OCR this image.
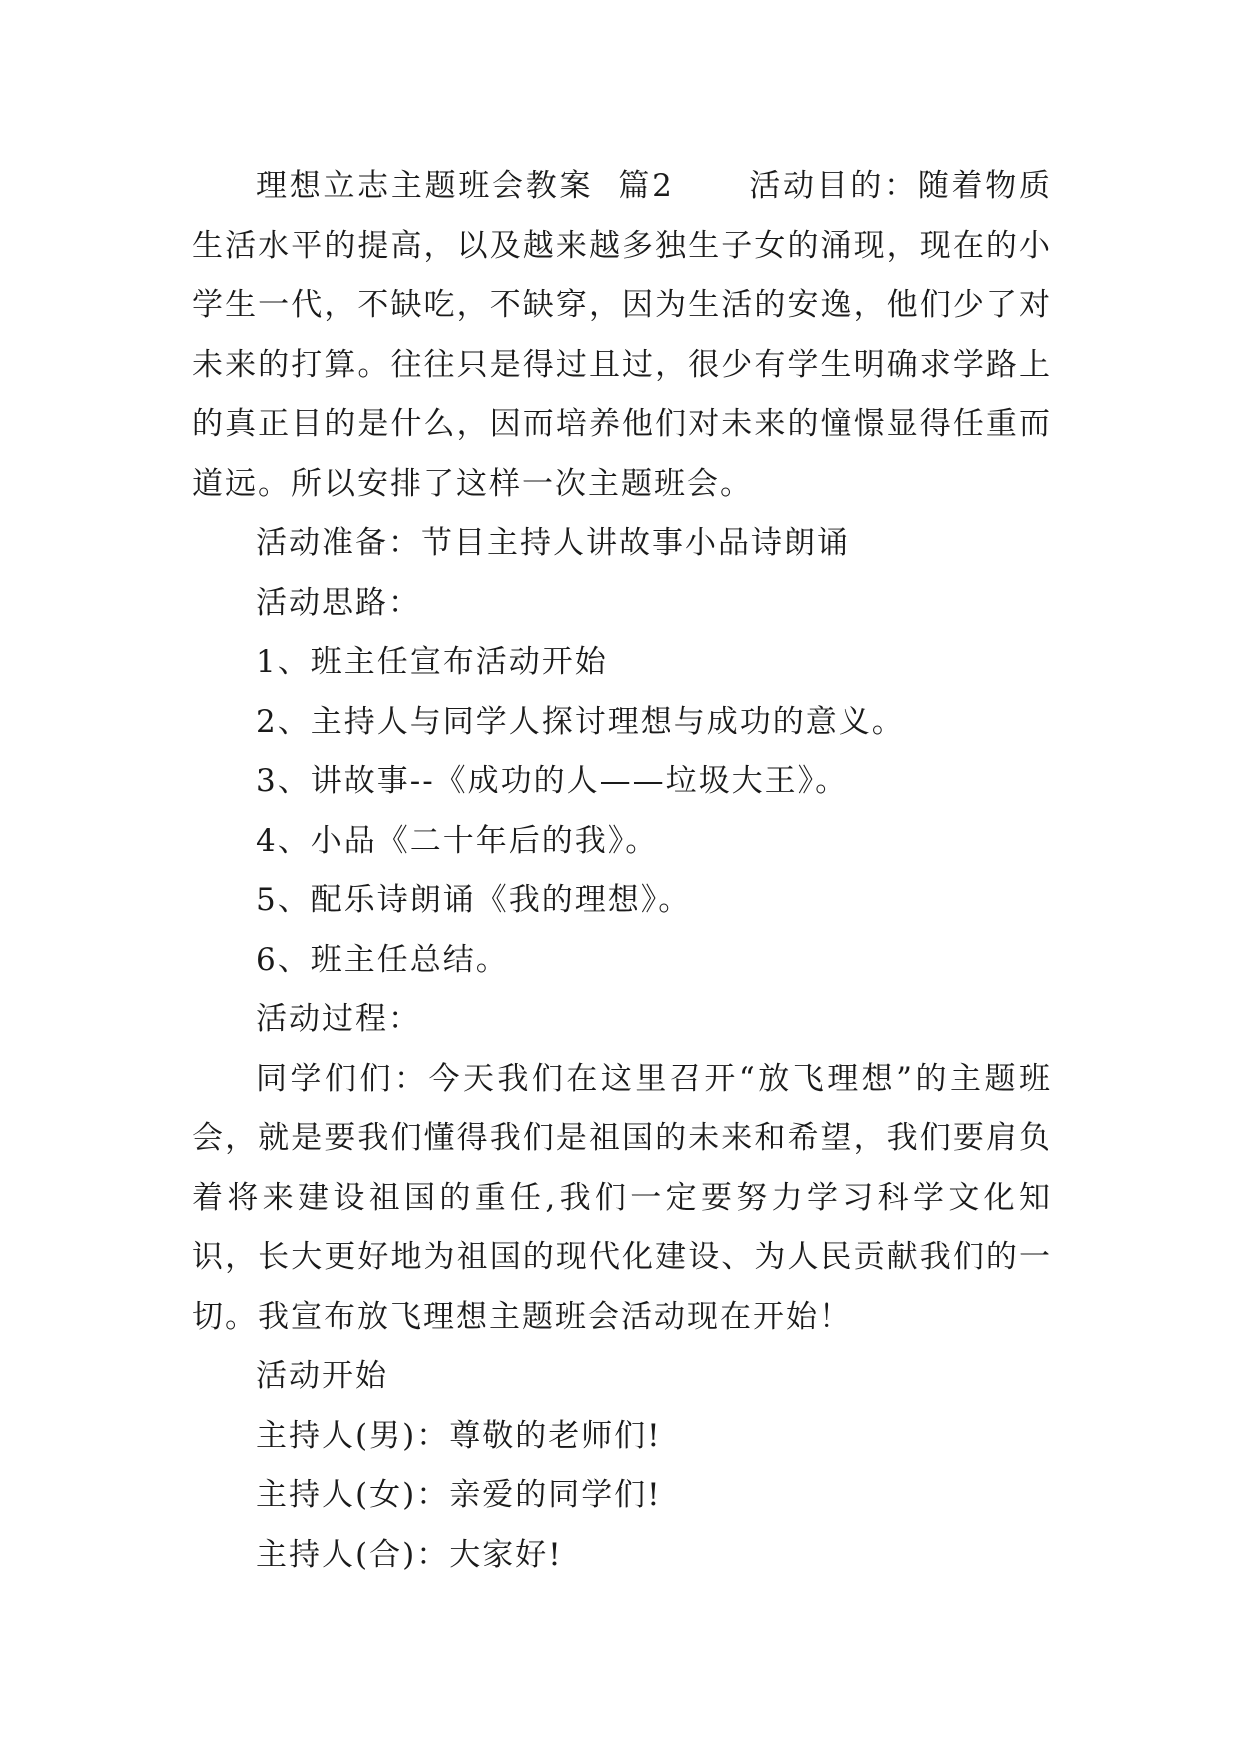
理想立志主题班会教案  篇2      活动目的：随着物质生活水平的提高，以及越来越多独生子女的涌现，现在的小学生一代，不缺吃，不缺穿，因为生活的安逸，他们少了对未来的打算。往往只是得过且过，很少有学生明确求学路上的真正目的是什么，因而培养他们对未来的憧憬显得任重而道远。所以安排了这样一次主题班会。

活动准备：节目主持人讲故事小品诗朗诵

活动思路：

1、班主任宣布活动开始

2、主持人与同学人探讨理想与成功的意义。

3、讲故事--《成功的人——垃圾大王》。

4、小品《二十年后的我》。

5、配乐诗朗诵《我的理想》。

6、班主任总结。

活动过程：

同学们们：今天我们在这里召开“放飞理想”的主题班会，就是要我们懂得我们是祖国的未来和希望，我们要肩负着将来建设祖国的重任,我们一定要努力学习科学文化知识，长大更好地为祖国的现代化建设、为人民贡献我们的一切。我宣布放飞理想主题班会活动现在开始！

活动开始

主持人(男)：尊敬的老师们!

主持人(女)：亲爱的同学们!

主持人(合)：大家好!
